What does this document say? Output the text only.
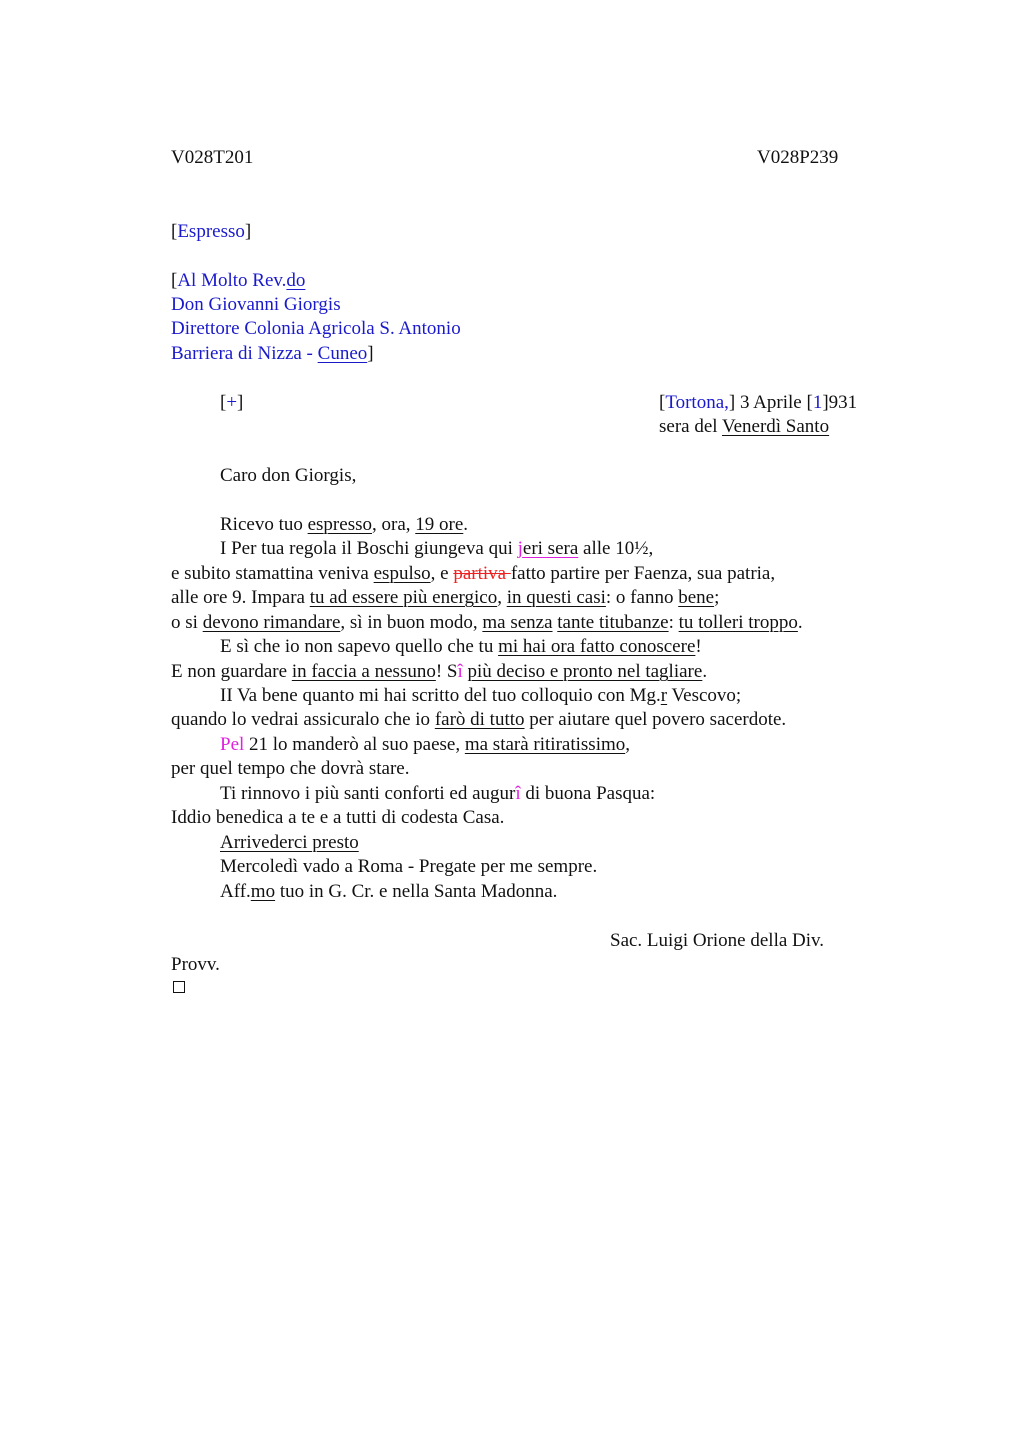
V028T201	V028P239
[Espresso]
[Al Molto Rev.do
Don Giovanni Giorgis
Direttore Colonia Agricola S. Antonio
Barriera di Nizza - Cuneo]
[+]	[Tortona,] 3 Aprile [1]931
sera del Venerdì Santo
Caro don Giorgis,
Ricevo tuo espresso, ora, 19 ore.
I Per tua regola il Boschi giungeva qui jeri sera alle 10½,
e subito stamattina veniva espulso, e partiva fatto partire per Faenza, sua patria,
alle ore 9. Impara tu ad essere più energico, in questi casi: o fanno bene;
o si devono rimandare, sì in buon modo, ma senza tante titubanze: tu tolleri troppo.
E sì che io non sapevo quello che tu mi hai ora fatto conoscere!
E non guardare in faccia a nessuno! Sî più deciso e pronto nel tagliare.
II Va bene quanto mi hai scritto del tuo colloquio con Mg.r Vescovo;
quando lo vedrai assicuralo che io farò di tutto per aiutare quel povero sacerdote.
Pel 21 lo manderò al suo paese, ma starà ritiratissimo,
per quel tempo che dovrà stare.
Ti rinnovo i più santi conforti ed augurî di buona Pasqua:
Iddio benedica a te e a tutti di codesta Casa.
Arrivederci presto
Mercoledì vado a Roma - Pregate per me sempre.
Aff.mo tuo in G. Cr. e nella Santa Madonna.
Sac. Luigi Orione della Div.
Provv.
